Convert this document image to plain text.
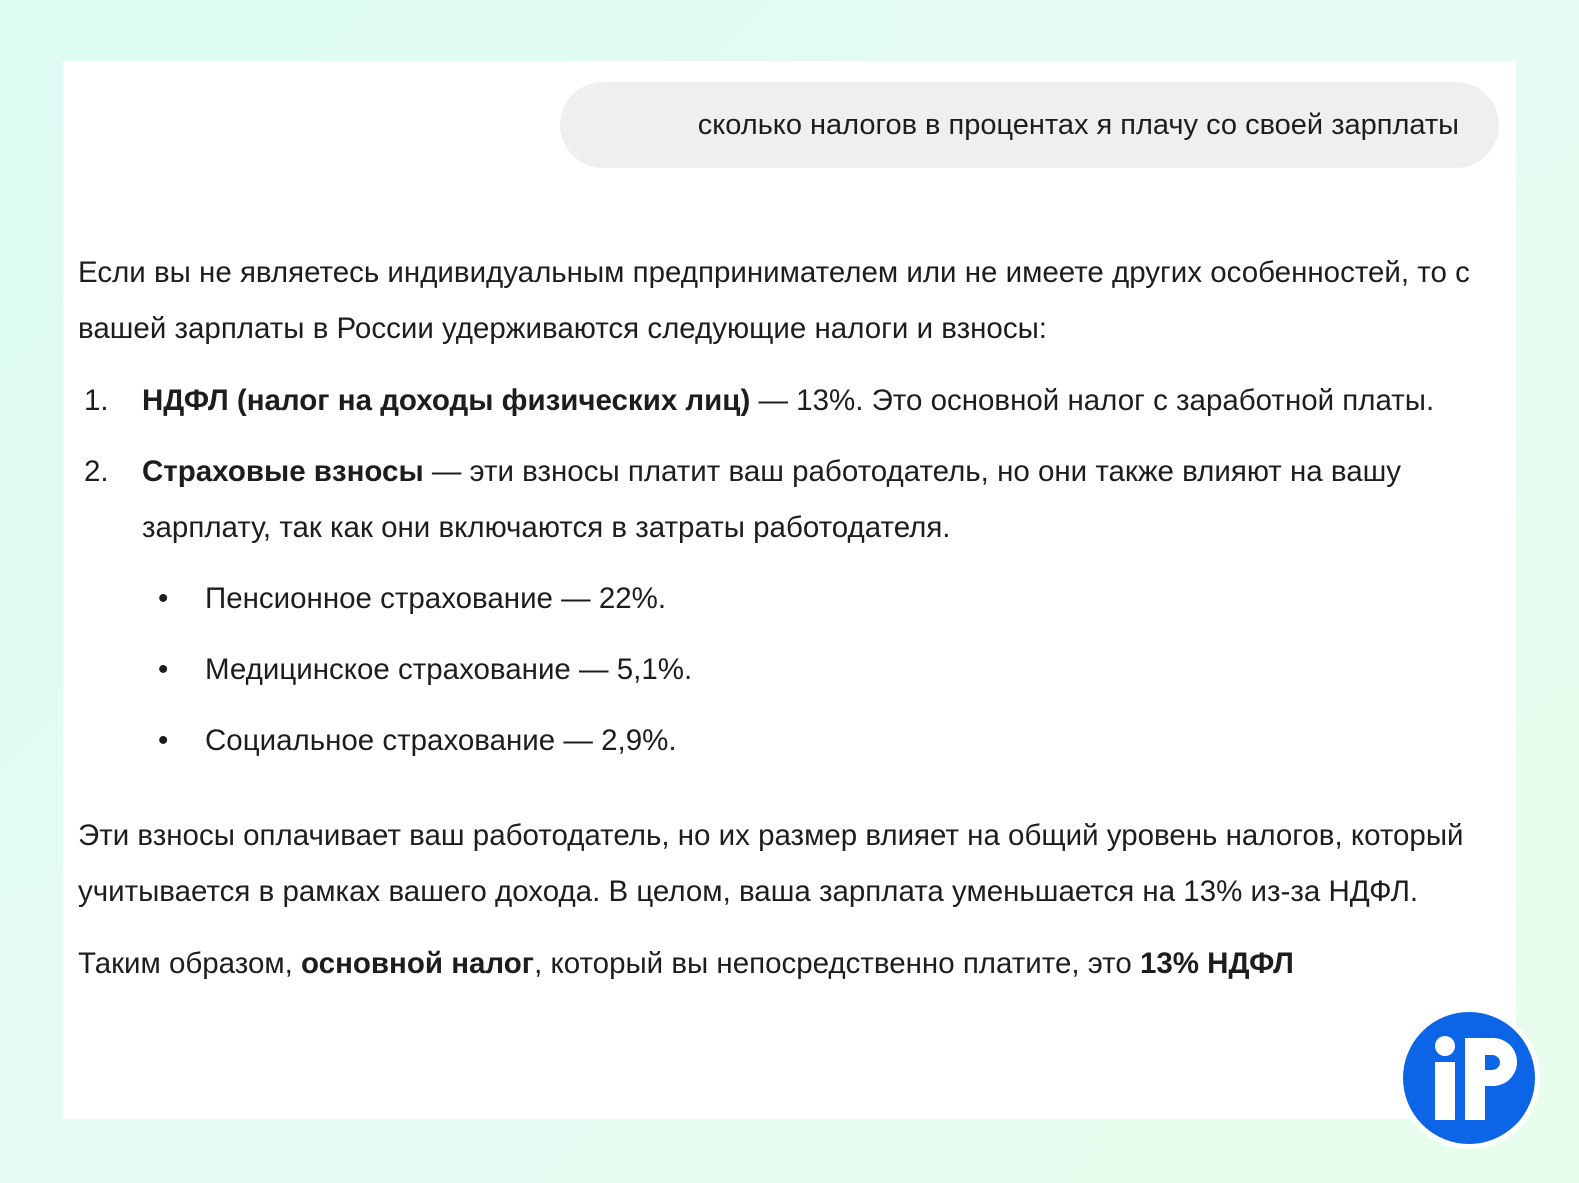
сколько налогов в процентах я плачу со своей зарплаты

Если вы не являетесь индивидуальным предпринимателем или не имеете других особенностей, то с вашей зарплаты в России удерживаются следующие налоги и взносы:

1. НДФЛ (налог на доходы физических лиц) — 13%. Это основной налог с заработной платы.
2. Страховые взносы — эти взносы платит ваш работодатель, но они также влияют на вашу зарплату, так как они включаются в затраты работодателя.
• Пенсионное страхование — 22%.
• Медицинское страхование — 5,1%.
• Социальное страхование — 2,9%.

Эти взносы оплачивает ваш работодатель, но их размер влияет на общий уровень налогов, который учитывается в рамках вашего дохода. В целом, ваша зарплата уменьшается на 13% из-за НДФЛ.

Таким образом, основной налог, который вы непосредственно платите, это 13% НДФЛ
